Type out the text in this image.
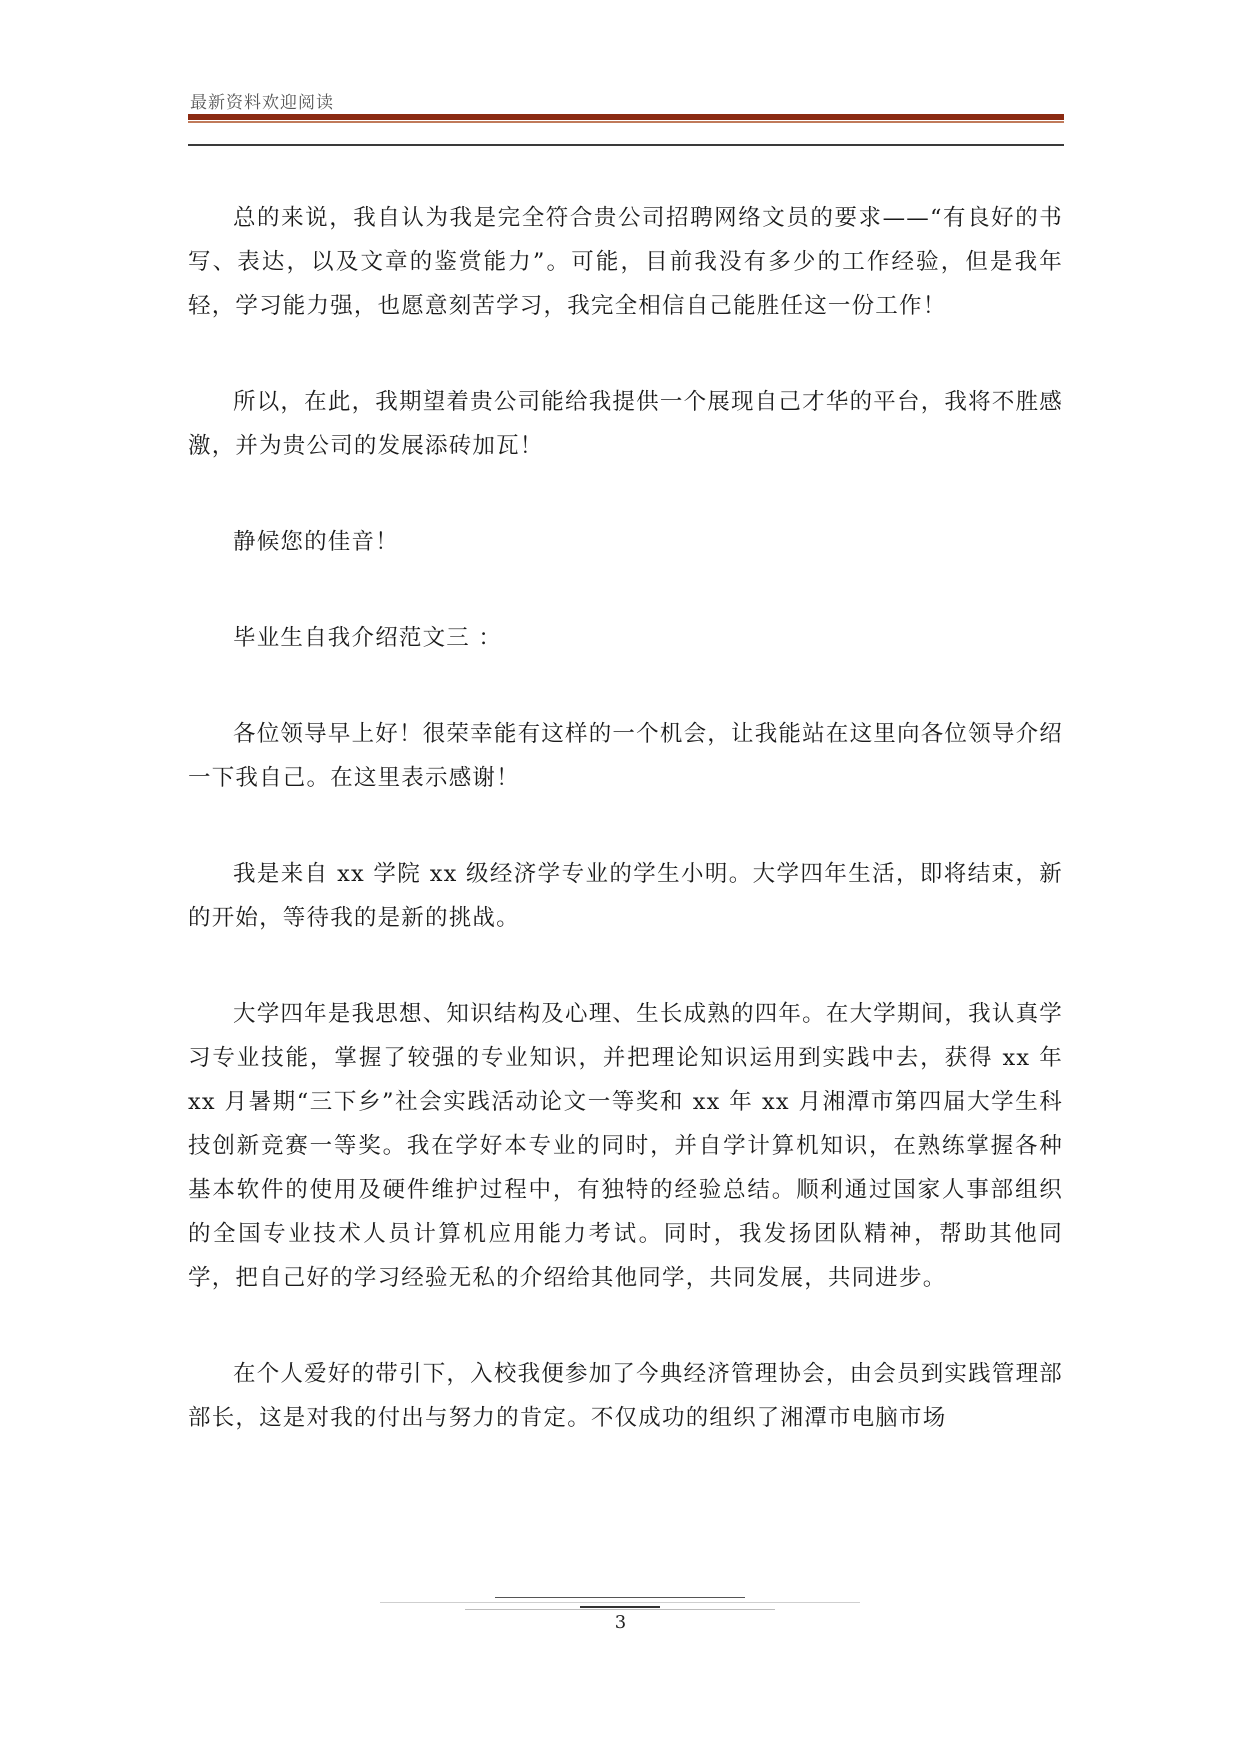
最新资料欢迎阅读

总的来说，我自认为我是完全符合贵公司招聘网络文员的要求——“有良好的书写、表达，以及文章的鉴赏能力”。可能，目前我没有多少的工作经验，但是我年轻，学习能力强，也愿意刻苦学习，我完全相信自己能胜任这一份工作！

所以，在此，我期望着贵公司能给我提供一个展现自己才华的平台，我将不胜感激，并为贵公司的发展添砖加瓦！

静候您的佳音！

毕业生自我介绍范文三 ：

各位领导早上好！很荣幸能有这样的一个机会，让我能站在这里向各位领导介绍一下我自己。在这里表示感谢！

我是来自 xx 学院 xx 级经济学专业的学生小明。大学四年生活，即将结束，新的开始，等待我的是新的挑战。

大学四年是我思想、知识结构及心理、生长成熟的四年。在大学期间，我认真学习专业技能，掌握了较强的专业知识，并把理论知识运用到实践中去，获得 xx 年 xx 月暑期“三下乡”社会实践活动论文一等奖和 xx 年 xx 月湘潭市第四届大学生科技创新竞赛一等奖。我在学好本专业的同时，并自学计算机知识，在熟练掌握各种基本软件的使用及硬件维护过程中，有独特的经验总结。顺利通过国家人事部组织的全国专业技术人员计算机应用能力考试。同时，我发扬团队精神，帮助其他同学，把自己好的学习经验无私的介绍给其他同学，共同发展，共同进步。

在个人爱好的带引下，入校我便参加了今典经济管理协会，由会员到实践管理部部长，这是对我的付出与努力的肯定。不仅成功的组织了湘潭市电脑市场

3
